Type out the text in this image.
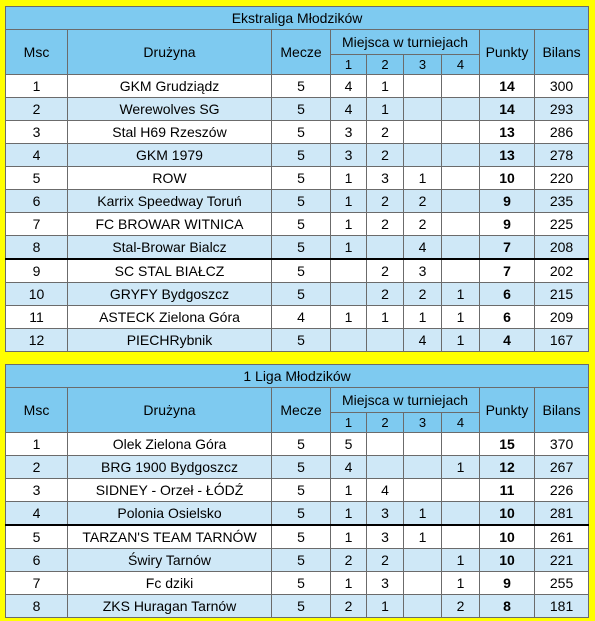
Ekstraliga Młodzików								
Msc	Drużyna	Mecze	Miejsca w turniejach				Punkty	Bilans
			1	2	3	4		
1	GKM Grudziądz	5	4	1			14	300
2	Werewolves SG	5	4	1			14	293
3	Stal H69 Rzeszów	5	3	2			13	286
4	GKM 1979	5	3	2			13	278
5	ROW	5	1	3	1		10	220
6	Karrix Speedway Toruń	5	1	2	2		9	235
7	FC BROWAR WITNICA	5	1	2	2		9	225
8	Stal-Browar Bialcz	5	1		4		7	208
9	SC STAL BIAŁCZ	5		2	3		7	202
10	GRYFY Bydgoszcz	5		2	2	1	6	215
11	ASTECK Zielona Góra	4	1	1	1	1	6	209
12	PIECHRybnik	5			4	1	4	167
1 Liga Młodzików								
Msc	Drużyna	Mecze	Miejsca w turniejach				Punkty	Bilans
			1	2	3	4		
1	Olek Zielona Góra	5	5				15	370
2	BRG 1900 Bydgoszcz	5	4			1	12	267
3	SIDNEY - Orzeł - ŁÓDŹ	5	1	4			11	226
4	Polonia Osielsko	5	1	3	1		10	281
5	TARZAN'S TEAM TARNÓW	5	1	3	1		10	261
6	Świry Tarnów	5	2	2		1	10	221
7	Fc dziki	5	1	3		1	9	255
8	ZKS Huragan Tarnów	5	2	1		2	8	181
